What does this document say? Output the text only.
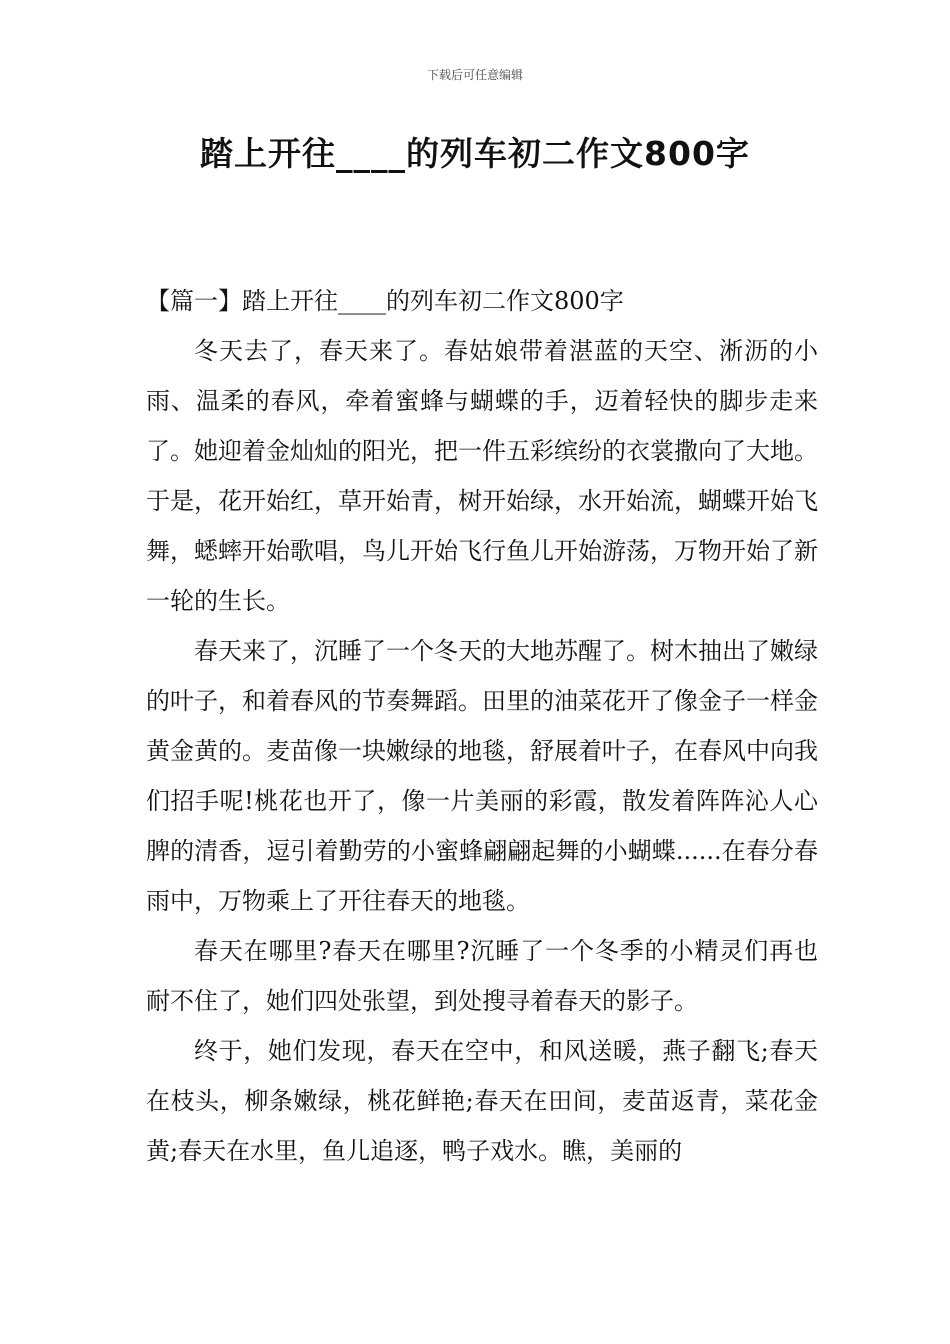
下载后可任意编辑
踏上开往____的列车初二作文800字

【篇一】踏上开往____的列车初二作文800字

冬天去了，春天来了。春姑娘带着湛蓝的天空、淅沥的小雨、温柔的春风，牵着蜜蜂与蝴蝶的手，迈着轻快的脚步走来了。她迎着金灿灿的阳光，把一件五彩缤纷的衣裳撒向了大地。于是，花开始红，草开始青，树开始绿，水开始流，蝴蝶开始飞舞，蟋蟀开始歌唱，鸟儿开始飞行鱼儿开始游荡，万物开始了新一轮的生长。

春天来了，沉睡了一个冬天的大地苏醒了。树木抽出了嫩绿的叶子，和着春风的节奏舞蹈。田里的油菜花开了像金子一样金黄金黄的。麦苗像一块嫩绿的地毯，舒展着叶子，在春风中向我们招手呢!桃花也开了，像一片美丽的彩霞，散发着阵阵沁人心脾的清香，逗引着勤劳的小蜜蜂翩翩起舞的小蝴蝶......在春分春雨中，万物乘上了开往春天的地毯。

春天在哪里?春天在哪里?沉睡了一个冬季的小精灵们再也耐不住了，她们四处张望，到处搜寻着春天的影子。

终于，她们发现，春天在空中，和风送暖，燕子翻飞;春天在枝头，柳条嫩绿，桃花鲜艳;春天在田间，麦苗返青，菜花金黄;春天在水里，鱼儿追逐，鸭子戏水。瞧，美丽的
